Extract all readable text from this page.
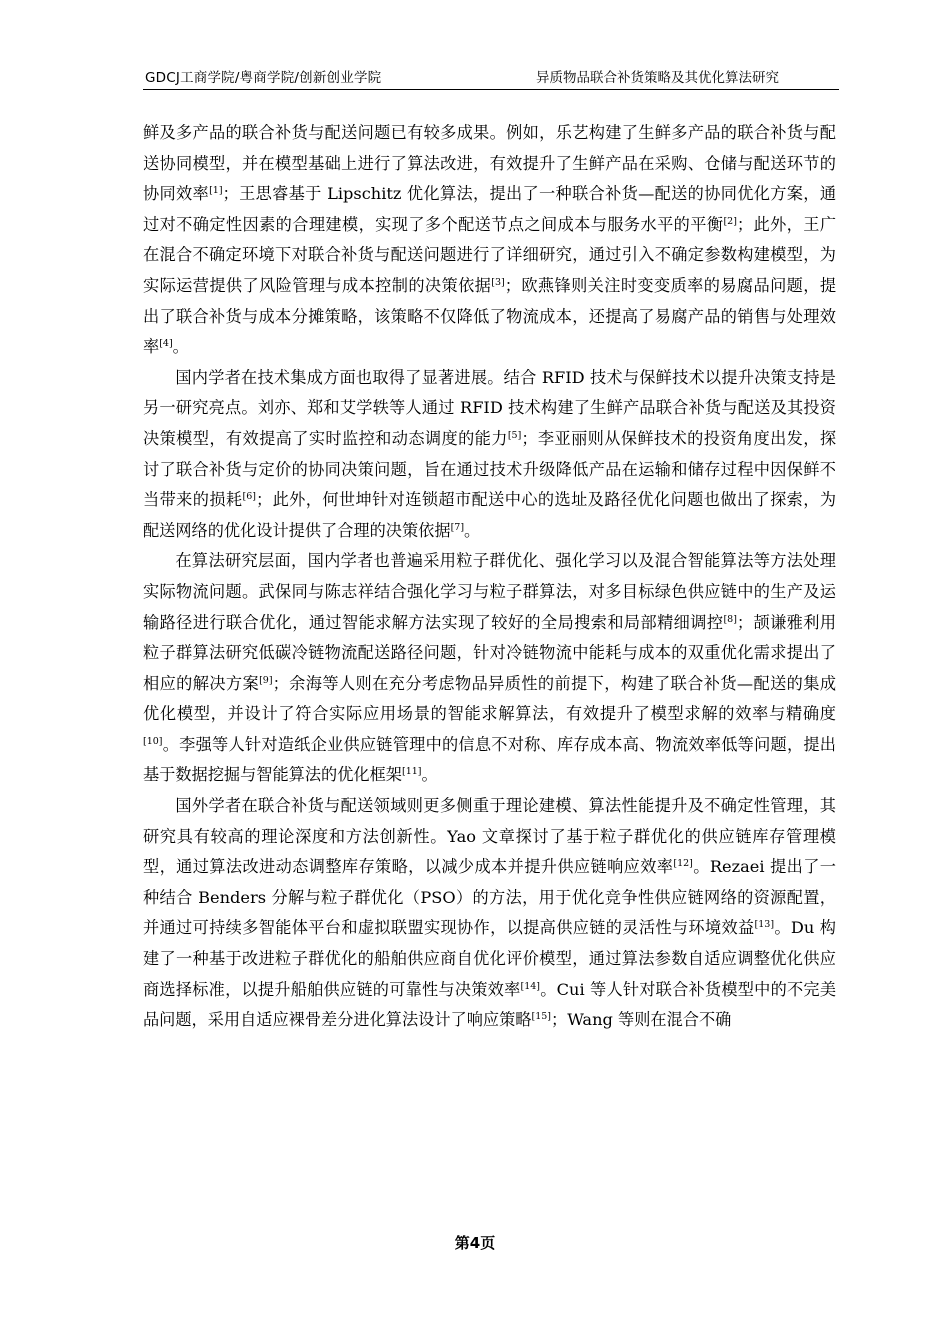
GDCJ工商学院/粤商学院/创新创业学院	异质物品联合补货策略及其优化算法研究

鲜及多产品的联合补货与配送问题已有较多成果。例如，乐艺构建了生鲜多产品的联合补货与配送协同模型，并在模型基础上进行了算法改进，有效提升了生鲜产品在采购、仓储与配送环节的协同效率[1]；王思睿基于 Lipschitz 优化算法，提出了一种联合补货—配送的协同优化方案，通过对不确定性因素的合理建模，实现了多个配送节点之间成本与服务水平的平衡[2]；此外，王广在混合不确定环境下对联合补货与配送问题进行了详细研究，通过引入不确定参数构建模型，为实际运营提供了风险管理与成本控制的决策依据[3]；欧燕锋则关注时变变质率的易腐品问题，提出了联合补货与成本分摊策略，该策略不仅降低了物流成本，还提高了易腐产品的销售与处理效率[4]。

国内学者在技术集成方面也取得了显著进展。结合 RFID 技术与保鲜技术以提升决策支持是另一研究亮点。刘亦、郑和艾学轶等人通过 RFID 技术构建了生鲜产品联合补货与配送及其投资决策模型，有效提高了实时监控和动态调度的能力[5]；李亚丽则从保鲜技术的投资角度出发，探讨了联合补货与定价的协同决策问题，旨在通过技术升级降低产品在运输和储存过程中因保鲜不当带来的损耗[6]；此外，何世坤针对连锁超市配送中心的选址及路径优化问题也做出了探索，为配送网络的优化设计提供了合理的决策依据[7]。

在算法研究层面，国内学者也普遍采用粒子群优化、强化学习以及混合智能算法等方法处理实际物流问题。武保同与陈志祥结合强化学习与粒子群算法，对多目标绿色供应链中的生产及运输路径进行联合优化，通过智能求解方法实现了较好的全局搜索和局部精细调控[8]；颉谦雅利用粒子群算法研究低碳冷链物流配送路径问题，针对冷链物流中能耗与成本的双重优化需求提出了相应的解决方案[9]；余海等人则在充分考虑物品异质性的前提下，构建了联合补货—配送的集成优化模型，并设计了符合实际应用场景的智能求解算法，有效提升了模型求解的效率与精确度[10]。李强等人针对造纸企业供应链管理中的信息不对称、库存成本高、物流效率低等问题，提出基于数据挖掘与智能算法的优化框架[11]。

国外学者在联合补货与配送领域则更多侧重于理论建模、算法性能提升及不确定性管理，其研究具有较高的理论深度和方法创新性。Yao 文章探讨了基于粒子群优化的供应链库存管理模型，通过算法改进动态调整库存策略，以减少成本并提升供应链响应效率[12]。Rezaei 提出了一种结合 Benders 分解与粒子群优化（PSO）的方法，用于优化竞争性供应链网络的资源配置，并通过可持续多智能体平台和虚拟联盟实现协作，以提高供应链的灵活性与环境效益[13]。Du 构建了一种基于改进粒子群优化的船舶供应商自优化评价模型，通过算法参数自适应调整优化供应商选择标准，以提升船舶供应链的可靠性与决策效率[14]。Cui 等人针对联合补货模型中的不完美品问题，采用自适应裸骨差分进化算法设计了响应策略[15]；Wang 等则在混合不确

第4页
